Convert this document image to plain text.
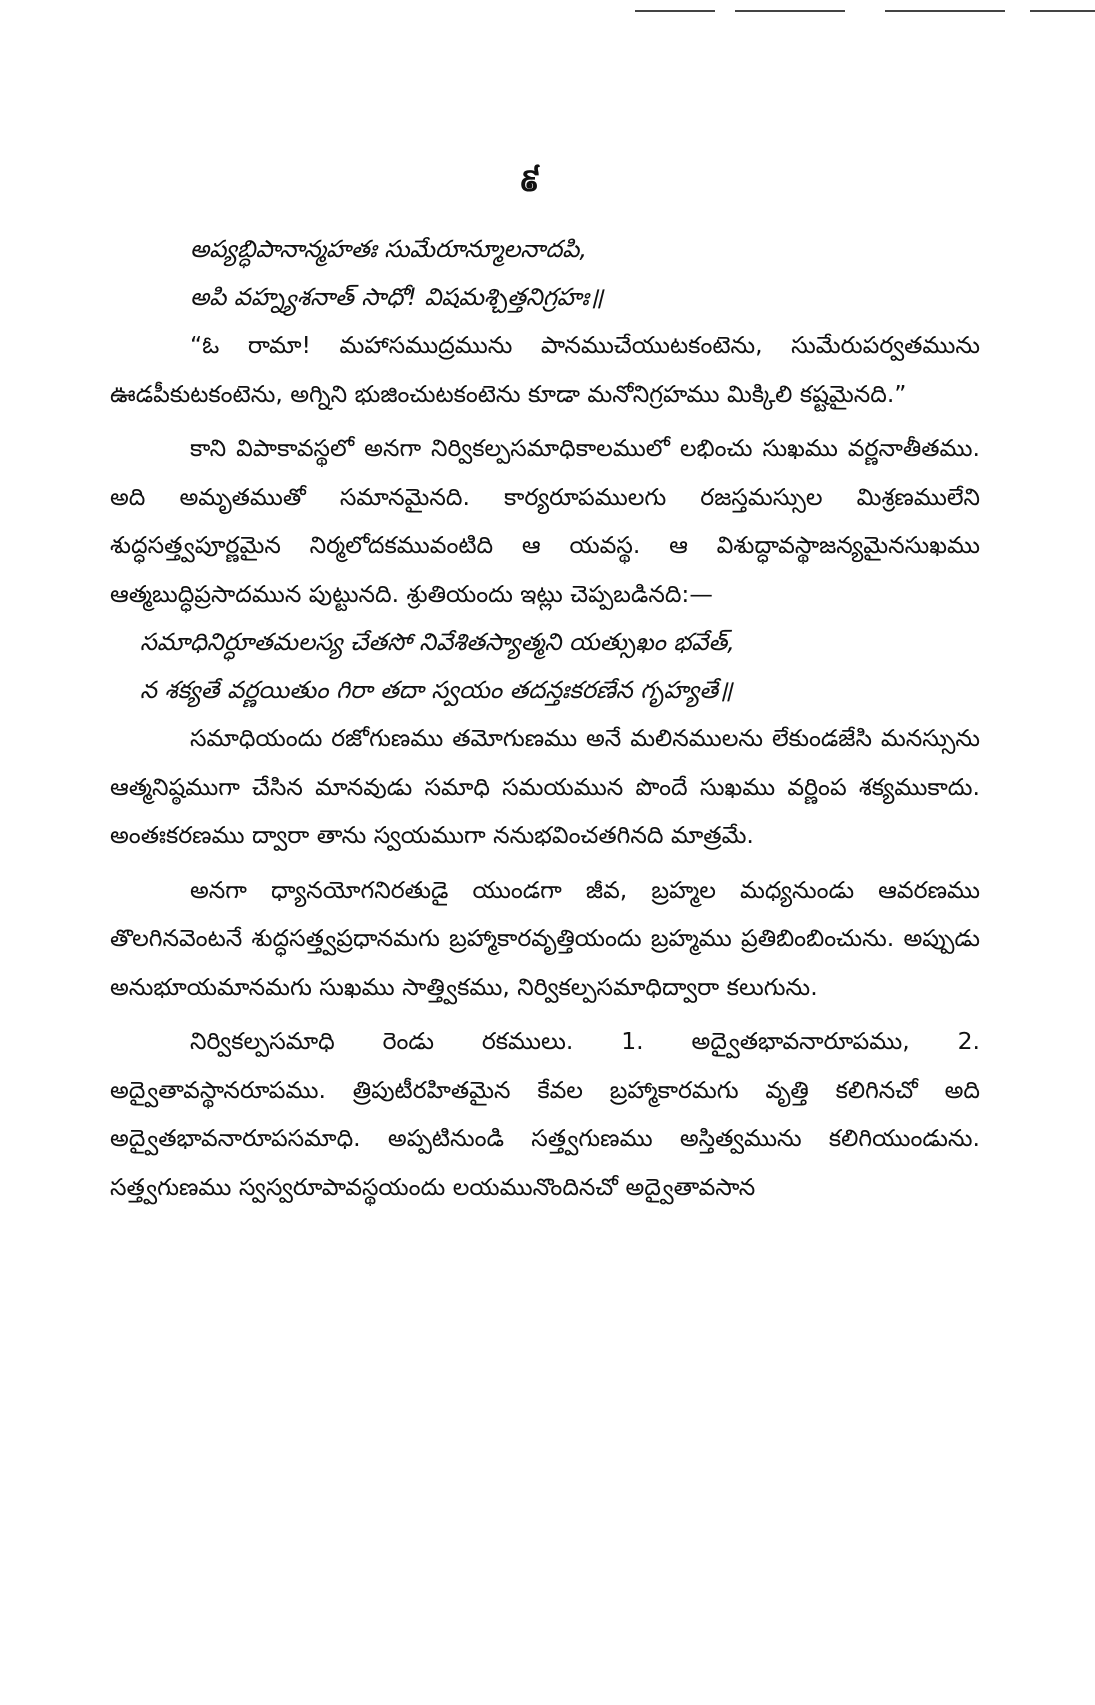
៩
అప్యబ్ధిపానాన్మహతః సుమేరూన్మూలనాదపి,
అపి వహ్న్యశనాత్ సాధో! విషమశ్చిత్తనిగ్రహః॥

“ఓ రామా! మహాసముద్రమును పానముచేయుటకంటెను, సుమేరుపర్వతమును ఊడపీకుటకంటెను, అగ్నిని భుజించుటకంటెను కూడా మనోనిగ్రహము మిక్కిలి కష్టమైనది.”

కాని విపాకావస్థలో అనగా నిర్వికల్పసమాధికాలములో లభించు సుఖము వర్ణనాతీతము. అది అమృతముతో సమానమైనది. కార్యరూపములగు రజస్తమస్సుల మిశ్రణములేని శుద్ధసత్త్వపూర్ణమైన నిర్మలోదకమువంటిది ఆ యవస్థ. ఆ విశుద్ధావస్థాజన్యమైనసుఖము ఆత్మబుద్ధిప్రసాదమున పుట్టునది. శ్రుతియందు ఇట్లు చెప్పబడినది:—

సమాధినిర్ధూతమలస్య చేతసో నివేశితస్యాత్మని యత్సుఖం భవేత్,
న శక్యతే వర్ణయితుం గిరా తదా స్వయం తదన్తఃకరణేన గృహ్యతే॥

సమాధియందు రజోగుణము తమోగుణము అనే మలినములను లేకుండజేసి మనస్సును ఆత్మనిష్ఠముగా చేసిన మానవుడు సమాధి సమయమున పొందే సుఖము వర్ణింప శక్యముకాదు. అంతఃకరణము ద్వారా తాను స్వయముగా ననుభవించతగినది మాత్రమే.

అనగా ధ్యానయోగనిరతుడై యుండగా జీవ, బ్రహ్మల మధ్యనుండు ఆవరణము తొలగినవెంటనే శుద్ధసత్త్వప్రధానమగు బ్రహ్మాకారవృత్తియందు బ్రహ్మము ప్రతిబింబించును. అప్పుడు అనుభూయమానమగు సుఖము సాత్త్వికము, నిర్వికల్పసమాధిద్వారా కలుగును.

నిర్వికల్పసమాధి రెండు రకములు. 1. అద్వైతభావనారూపము, 2. అద్వైతావస్థానరూపము. త్రిపుటీరహితమైన కేవల బ్రహ్మాకారమగు వృత్తి కలిగినచో అది అద్వైతభావనారూపసమాధి. అప్పటినుండి సత్త్వగుణము అస్తిత్వమును కలిగియుండును. సత్త్వగుణము స్వస్వరూపావస్థయందు లయమునొందినచో అద్వైతావసాన
